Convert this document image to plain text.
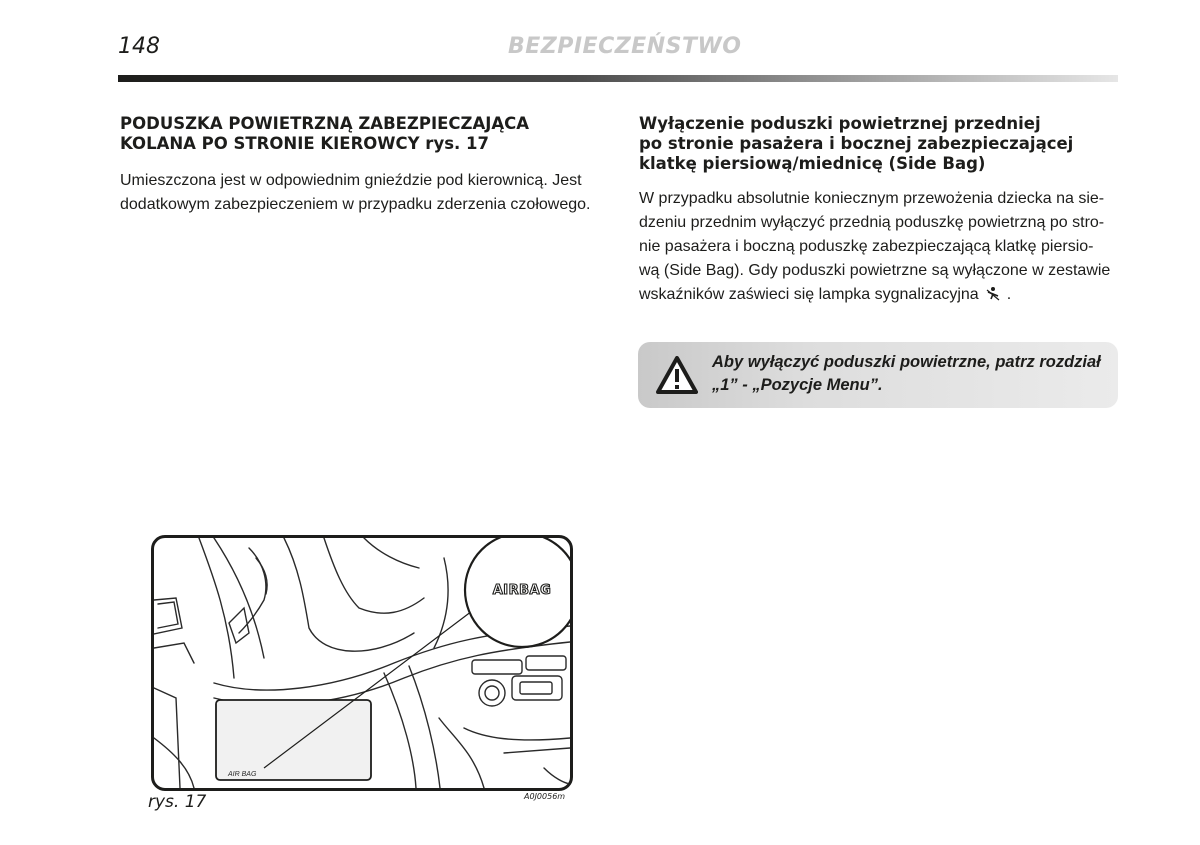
148	BEZPIECZEŃSTWO
PODUSZKA POWIETRZNĄ ZABEZPIECZAJĄCA
KOLANA PO STRONIE KIEROWCY rys. 17

Umieszczona jest w odpowiednim gnieździe pod kierownicą. Jest
dodatkowym zabezpieczeniem w przypadku zderzenia czołowego.

Wyłączenie poduszki powietrznej przedniej
po stronie pasażera i bocznej zabezpieczającej
klatkę piersiową/miednicę (Side Bag)

W przypadku absolutnie koniecznym przewożenia dziecka na sie-
dzeniu przednim wyłączyć przednią poduszkę powietrzną po stro-
nie pasażera i boczną poduszkę zabezpieczającą klatkę piersio-
wą (Side Bag). Gdy poduszki powietrzne są wyłączone w zestawie
wskaźników zaświeci się lampka sygnalizacyjna .

Aby wyłączyć poduszki powietrzne, patrz rozdział
„1” - „Pozycje Menu”.

AIR BAG
AIRBAG
rys. 17	A0J0056m
